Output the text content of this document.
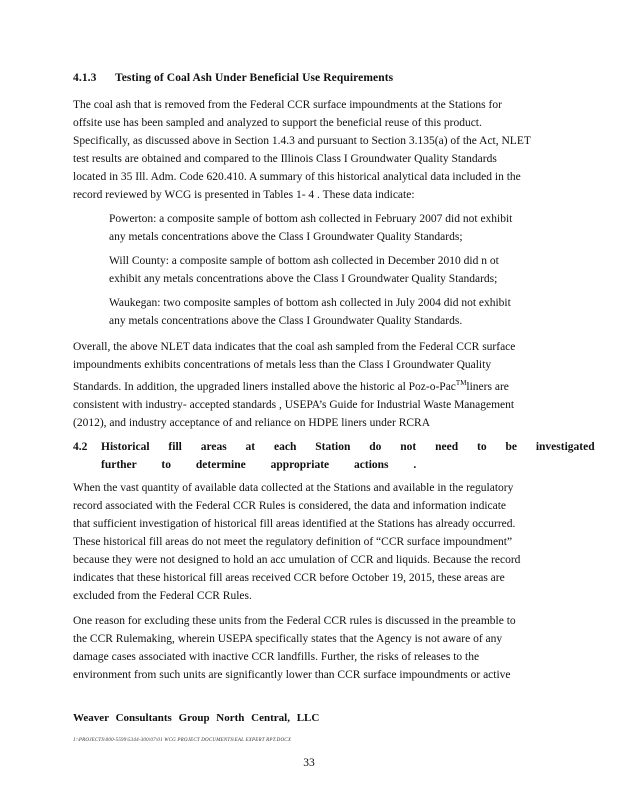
4.1.3 Testing of Coal Ash Under Beneficial Use Requirements
The coal ash that is removed from the Federal CCR surface impoundments at the Stations for
offsite use has been sampled and analyzed to support the beneficial reuse of this product.
Specifically, as discussed above in Section 1.4.3 and pursuant to Section 3.135(a) of the Act, NLET
test results are obtained and compared to the Illinois Class I Groundwater Quality Standards
located in 35 Ill. Adm. Code 620.410. A summary of this historical analytical data included in the
record reviewed by WCG is presented in Tables 1- 4 . These data indicate:
Powerton: a composite sample of bottom ash collected in February 2007 did not exhibit
any metals concentrations above the Class I Groundwater Quality Standards;
Will County: a composite sample of bottom ash collected in December 2010 did n ot
exhibit any metals concentrations above the Class I Groundwater Quality Standards;
Waukegan: two composite samples of bottom ash collected in July 2004 did not exhibit
any metals concentrations above the Class I Groundwater Quality Standards.
Overall, the above NLET data indicates that the coal ash sampled from the Federal CCR surface
impoundments exhibits concentrations of metals less than the Class I Groundwater Quality
Standards. In addition, the upgraded liners installed above the historic al Poz-o-Pac™liners are
consistent with industry- accepted standards , USEPA’s Guide for Industrial Waste Management
(2012), and industry acceptance of and reliance on HDPE liners under RCRA
4.2 Historical fill areas at each Station do not need to be investigated
further to determine appropriate actions .
When the vast quantity of available data collected at the Stations and available in the regulatory
record associated with the Federal CCR Rules is considered, the data and information indicate
that sufficient investigation of historical fill areas identified at the Stations has already occurred.
These historical fill areas do not meet the regulatory definition of “CCR surface impoundment”
because they were not designed to hold an acc umulation of CCR and liquids. Because the record
indicates that these historical fill areas received CCR before October 19, 2015, these areas are
excluded from the Federal CCR Rules.
One reason for excluding these units from the Federal CCR rules is discussed in the preamble to
the CCR Rulemaking, wherein USEPA specifically states that the Agency is not aware of any
damage cases associated with inactive CCR landfills. Further, the risks of releases to the
environment from such units are significantly lower than CCR surface impoundments or active
Weaver Consultants Group North Central, LLC
J:\PROJECTS\000-5599\5344-300\07\01 WCG PROJECT DOCUMENTS\EAL EXPERT RPT.DOCX
33
